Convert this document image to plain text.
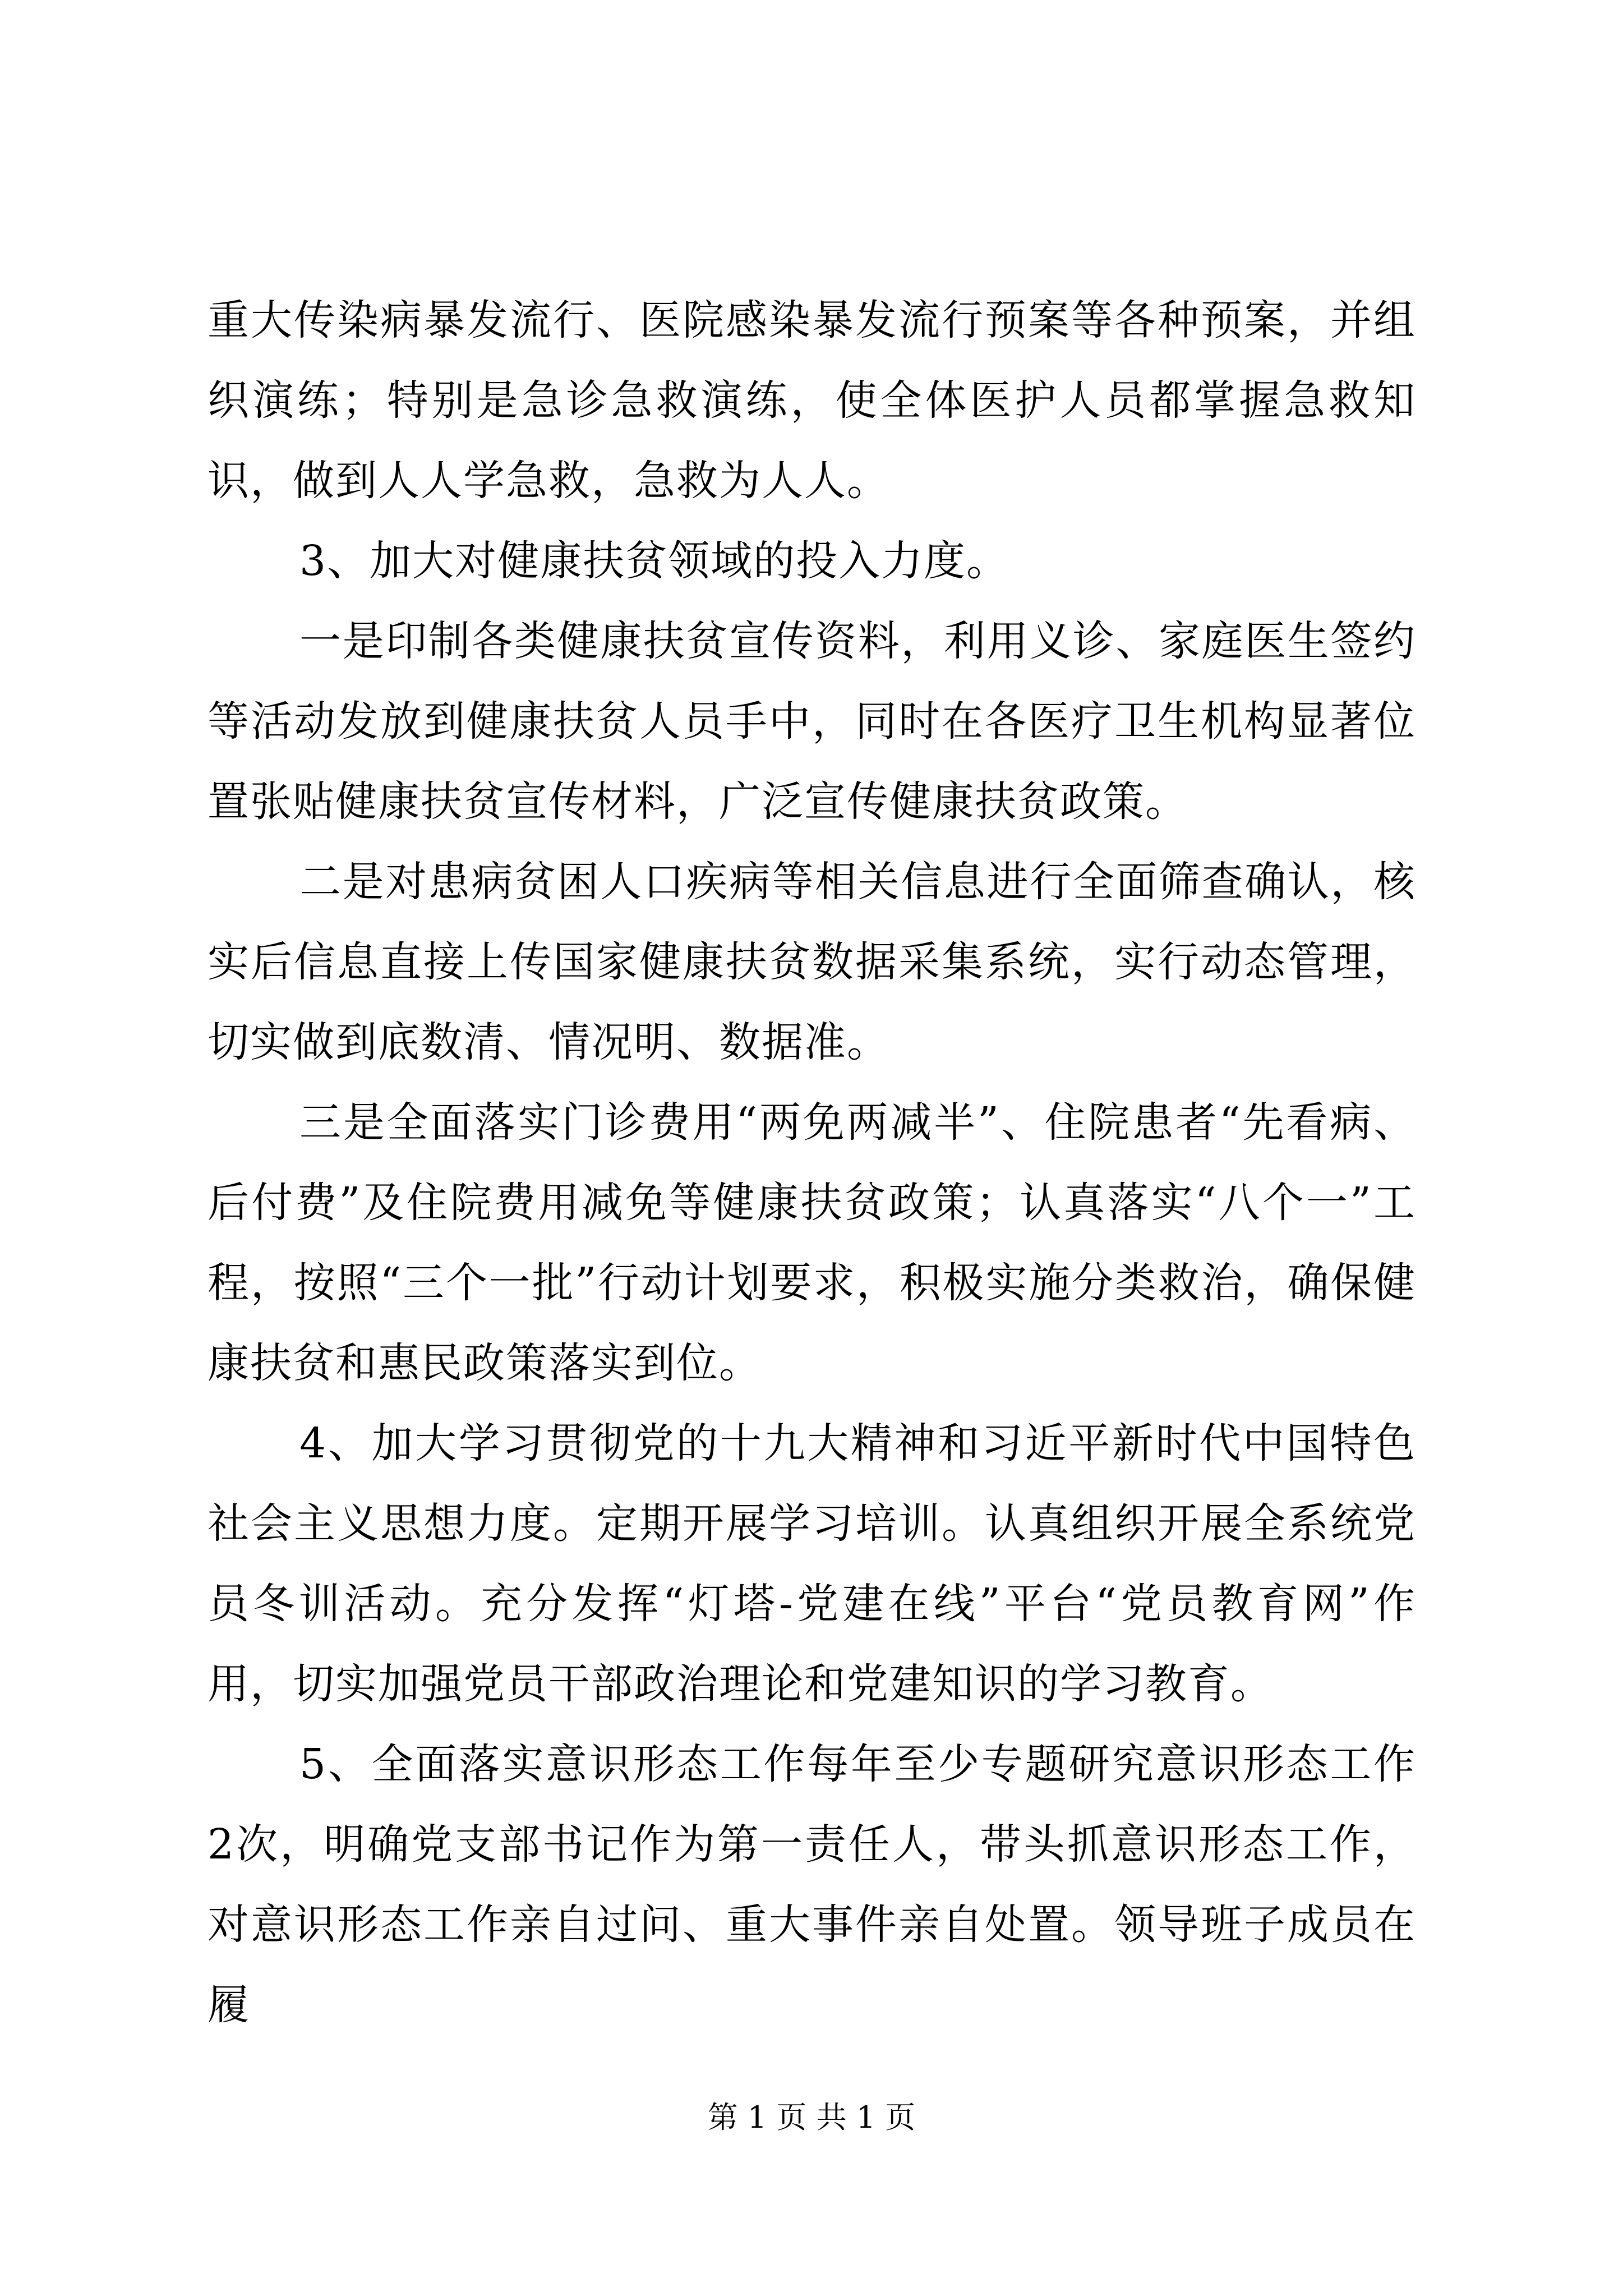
重大传染病暴发流行、医院感染暴发流行预案等各种预案，并组织演练；特别是急诊急救演练，使全体医护人员都掌握急救知识，做到人人学急救，急救为人人。

3、加大对健康扶贫领域的投入力度。

一是印制各类健康扶贫宣传资料，利用义诊、家庭医生签约等活动发放到健康扶贫人员手中，同时在各医疗卫生机构显著位置张贴健康扶贫宣传材料，广泛宣传健康扶贫政策。

二是对患病贫困人口疾病等相关信息进行全面筛查确认，核实后信息直接上传国家健康扶贫数据采集系统，实行动态管理，切实做到底数清、情况明、数据准。

三是全面落实门诊费用“两免两减半”、住院患者“先看病、后付费”及住院费用减免等健康扶贫政策；认真落实“八个一”工程，按照“三个一批”行动计划要求，积极实施分类救治，确保健康扶贫和惠民政策落实到位。

4、加大学习贯彻党的十九大精神和习近平新时代中国特色社会主义思想力度。定期开展学习培训。认真组织开展全系统党员冬训活动。充分发挥“灯塔-党建在线”平台“党员教育网”作用，切实加强党员干部政治理论和党建知识的学习教育。

5、全面落实意识形态工作每年至少专题研究意识形态工作2次，明确党支部书记作为第一责任人，带头抓意识形态工作，对意识形态工作亲自过问、重大事件亲自处置。领导班子成员在履

第 1 页 共 1 页
